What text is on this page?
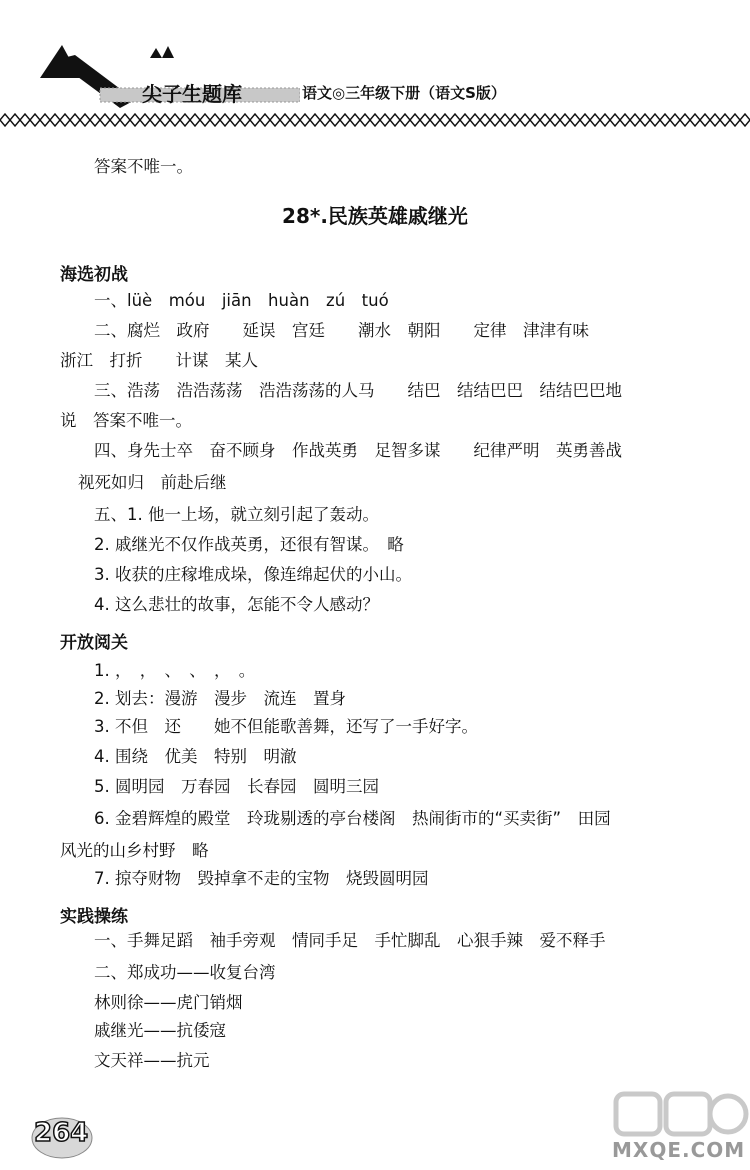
尖子生题库	语文◎三年级下册（语文S版）
答案不唯一。
28*.民族英雄戚继光
海选初战
一、lüè　móu　jiān　huàn　zú　tuó
二、腐烂　政府　　延误　宫廷　　潮水　朝阳　　定律　津津有味
浙江　打折　　计谋　某人
三、浩荡　浩浩荡荡　浩浩荡荡的人马　　结巴　结结巴巴　结结巴巴地
说　答案不唯一。
四、身先士卒　奋不顾身　作战英勇　足智多谋　　纪律严明　英勇善战
视死如归　前赴后继
五、1. 他一上场，就立刻引起了轰动。
2. 戚继光不仅作战英勇，还很有智谋。　略
3. 收获的庄稼堆成垛，像连绵起伏的小山。
4. 这么悲壮的故事，怎能不令人感动？
开放阅关
1. ，　，　、　、　，　。
2. 划去：漫游　漫步　流连　置身
3. 不但　还　　她不但能歌善舞，还写了一手好字。
4. 围绕　优美　特别　明澈
5. 圆明园　万春园　长春园　圆明三园
6. 金碧辉煌的殿堂　玲珑剔透的亭台楼阁　热闹街市的“买卖街”　田园
风光的山乡村野　略
7. 掠夺财物　毁掉拿不走的宝物　烧毁圆明园
实践操练
一、手舞足蹈　袖手旁观　情同手足　手忙脚乱　心狠手辣　爱不释手
二、郑成功——收复台湾
林则徐——虎门销烟
戚继光——抗倭寇
文天祥——抗元
264
MXQE.COM
